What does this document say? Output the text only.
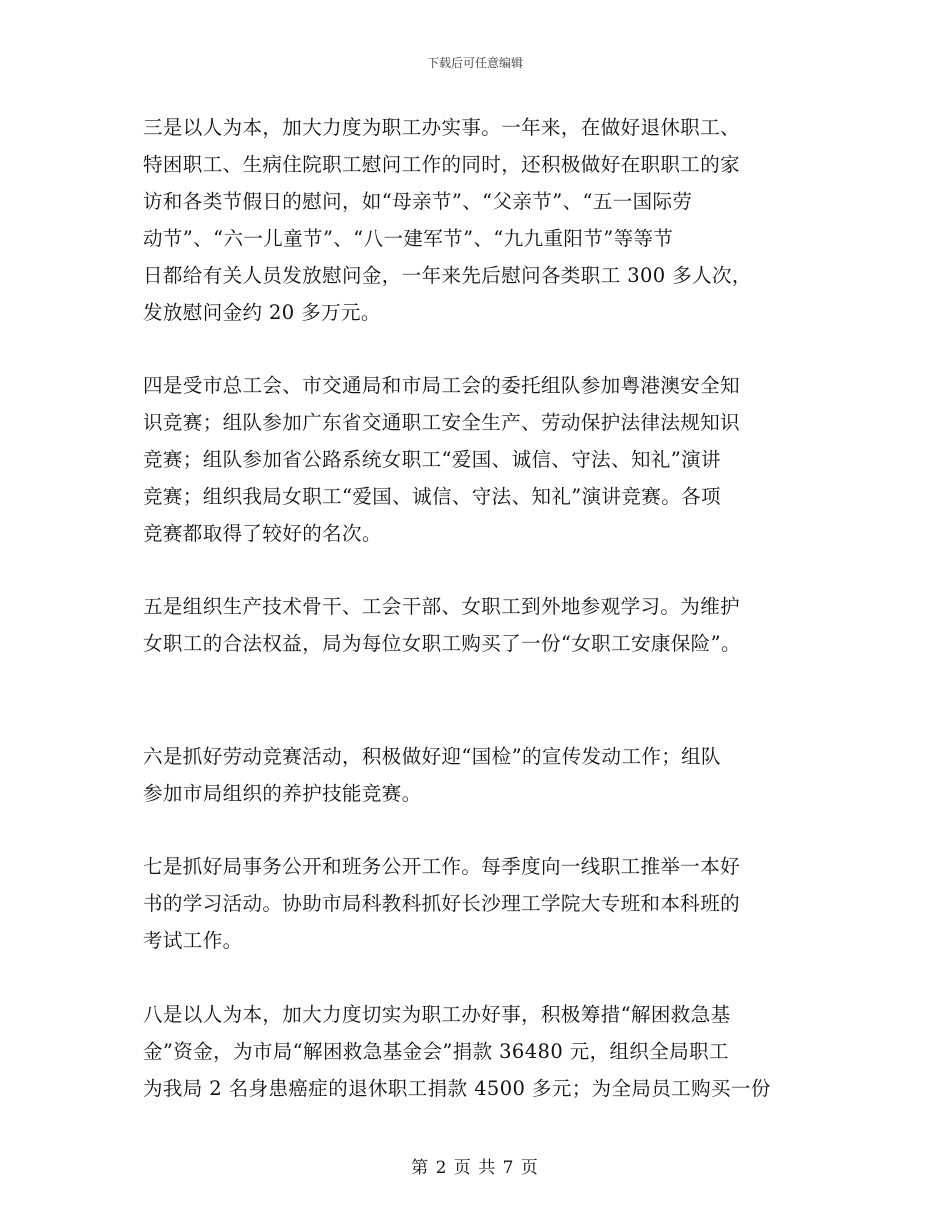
下载后可任意编辑
三是以人为本，加大力度为职工办实事。一年来，在做好退休职工、
特困职工、生病住院职工慰问工作的同时，还积极做好在职职工的家
访和各类节假日的慰问，如“母亲节”、“父亲节”、“五一国际劳
动节”、“六一儿童节”、“八一建军节”、“九九重阳节”等等节
日都给有关人员发放慰问金，一年来先后慰问各类职工 300 多人次，
发放慰问金约 20 多万元。
四是受市总工会、市交通局和市局工会的委托组队参加粤港澳安全知
识竞赛；组队参加广东省交通职工安全生产、劳动保护法律法规知识
竞赛；组队参加省公路系统女职工“爱国、诚信、守法、知礼”演讲
竞赛；组织我局女职工“爱国、诚信、守法、知礼”演讲竞赛。各项
竞赛都取得了较好的名次。
五是组织生产技术骨干、工会干部、女职工到外地参观学习。为维护
女职工的合法权益，局为每位女职工购买了一份“女职工安康保险”。
六是抓好劳动竞赛活动，积极做好迎“国检”的宣传发动工作；组队
参加市局组织的养护技能竞赛。
七是抓好局事务公开和班务公开工作。每季度向一线职工推举一本好
书的学习活动。协助市局科教科抓好长沙理工学院大专班和本科班的
考试工作。
八是以人为本，加大力度切实为职工办好事，积极筹措“解困救急基
金”资金，为市局“解困救急基金会”捐款 36480 元，组织全局职工
为我局 2 名身患癌症的退休职工捐款 4500 多元；为全局员工购买一份
第 2 页 共 7 页
